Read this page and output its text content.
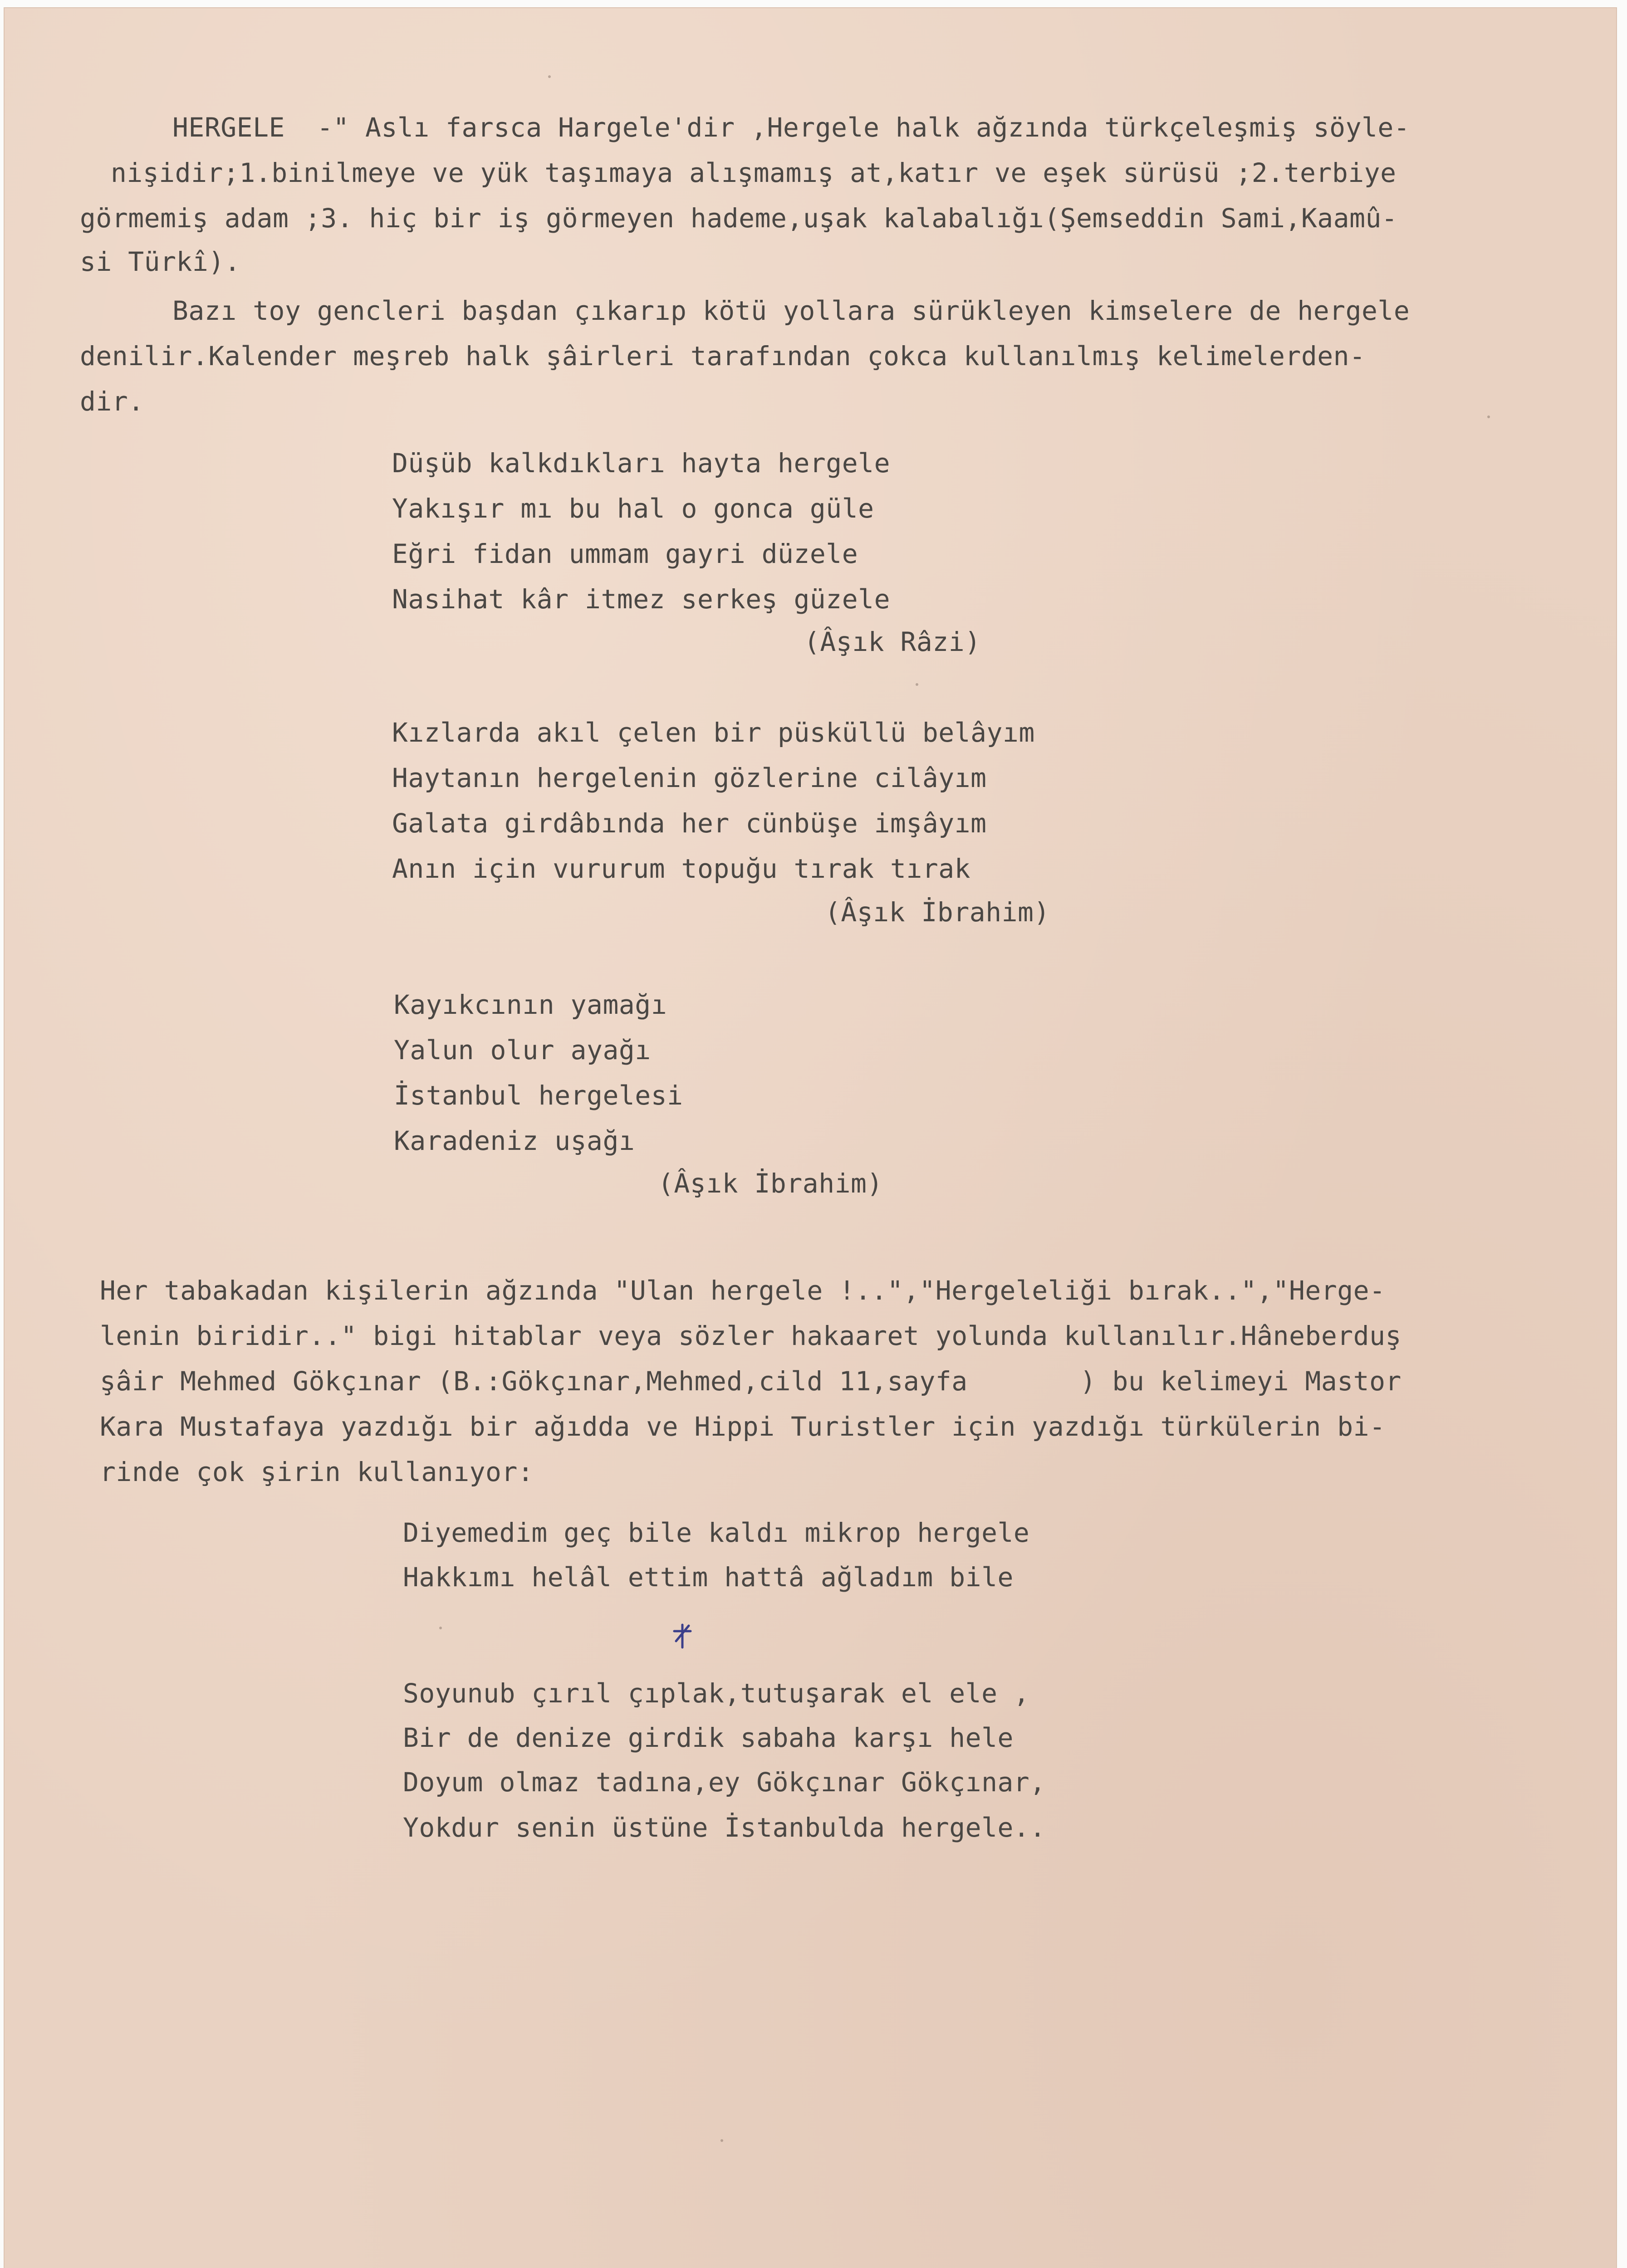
HERGELE  -" Aslı farsca Hargele'dir ,Hergele halk ağzında türkçeleşmiş söyle-
nişidir;1.binilmeye ve yük taşımaya alışmamış at,katır ve eşek sürüsü ;2.terbiye
görmemiş adam ;3. hiç bir iş görmeyen hademe,uşak kalabalığı(Şemseddin Sami,Kaamû-
si Türkî).
Bazı toy gencleri başdan çıkarıp kötü yollara sürükleyen kimselere de hergele
denilir.Kalender meşreb halk şâirleri tarafından çokca kullanılmış kelimelerden-
dir.
Düşüb kalkdıkları hayta hergele
Yakışır mı bu hal o gonca güle
Eğri fidan ummam gayri düzele
Nasihat kâr itmez serkeş güzele
(Âşık Râzi)
Kızlarda akıl çelen bir püsküllü belâyım
Haytanın hergelenin gözlerine cilâyım
Galata girdâbında her cünbüşe imşâyım
Anın için vururum topuğu tırak tırak
(Âşık İbrahim)
Kayıkcının yamağı
Yalun olur ayağı
İstanbul hergelesi
Karadeniz uşağı
(Âşık İbrahim)
Her tabakadan kişilerin ağzında "Ulan hergele !..","Hergeleliği bırak..","Herge-
lenin biridir.." bigi hitablar veya sözler hakaaret yolunda kullanılır.Hâneberduş
şâir Mehmed Gökçınar (B.:Gökçınar,Mehmed,cild 11,sayfa       ) bu kelimeyi Mastor
Kara Mustafaya yazdığı bir ağıdda ve Hippi Turistler için yazdığı türkülerin bi-
rinde çok şirin kullanıyor:
Diyemedim geç bile kaldı mikrop hergele
Hakkımı helâl ettim hattâ ağladım bile
Soyunub çırıl çıplak,tutuşarak el ele ,
Bir de denize girdik sabaha karşı hele
Doyum olmaz tadına,ey Gökçınar Gökçınar,
Yokdur senin üstüne İstanbulda hergele..
